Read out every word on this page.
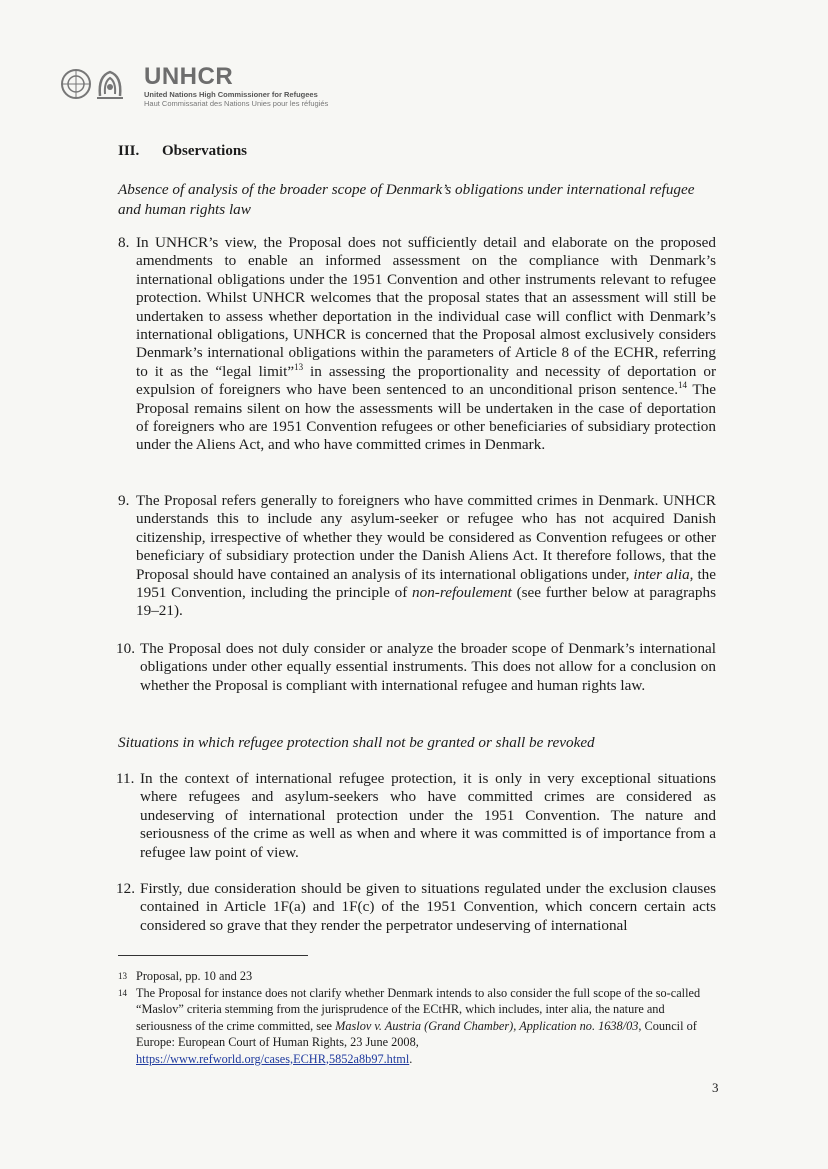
UNHCR
United Nations High Commissioner for Refugees
Haut Commissariat des Nations Unies pour les réfugiés
III. Observations
Absence of analysis of the broader scope of Denmark’s obligations under international refugee and human rights law
8. In UNHCR’s view, the Proposal does not sufficiently detail and elaborate on the proposed amendments to enable an informed assessment on the compliance with Denmark’s international obligations under the 1951 Convention and other instruments relevant to refugee protection. Whilst UNHCR welcomes that the proposal states that an assessment will still be undertaken to assess whether deportation in the individual case will conflict with Denmark’s international obligations, UNHCR is concerned that the Proposal almost exclusively considers Denmark’s international obligations within the parameters of Article 8 of the ECHR, referring to it as the “legal limit”$^{13}$ in assessing the proportionality and necessity of deportation or expulsion of foreigners who have been sentenced to an unconditional prison sentence.$^{14}$ The Proposal remains silent on how the assessments will be undertaken in the case of deportation of foreigners who are 1951 Convention refugees or other beneficiaries of subsidiary protection under the Aliens Act, and who have committed crimes in Denmark.
9. The Proposal refers generally to foreigners who have committed crimes in Denmark. UNHCR understands this to include any asylum-seeker or refugee who has not acquired Danish citizenship, irrespective of whether they would be considered as Convention refugees or other beneficiary of subsidiary protection under the Danish Aliens Act. It therefore follows, that the Proposal should have contained an analysis of its international obligations under, inter alia, the 1951 Convention, including the principle of non-refoulement (see further below at paragraphs 19–21).
10. The Proposal does not duly consider or analyze the broader scope of Denmark’s international obligations under other equally essential instruments. This does not allow for a conclusion on whether the Proposal is compliant with international refugee and human rights law.
Situations in which refugee protection shall not be granted or shall be revoked
11. In the context of international refugee protection, it is only in very exceptional situations where refugees and asylum-seekers who have committed crimes are considered as undeserving of international protection under the 1951 Convention. The nature and seriousness of the crime as well as when and where it was committed is of importance from a refugee law point of view.
12. Firstly, due consideration should be given to situations regulated under the exclusion clauses contained in Article 1F(a) and 1F(c) of the 1951 Convention, which concern certain acts considered so grave that they render the perpetrator undeserving of international
13 Proposal, pp. 10 and 23
14 The Proposal for instance does not clarify whether Denmark intends to also consider the full scope of the so-called “Maslov” criteria stemming from the jurisprudence of the ECtHR, which includes, inter alia, the nature and seriousness of the crime committed, see Maslov v. Austria (Grand Chamber), Application no. 1638/03, Council of Europe: European Court of Human Rights, 23 June 2008,
https://www.refworld.org/cases,ECHR,5852a8b97.html.
3
